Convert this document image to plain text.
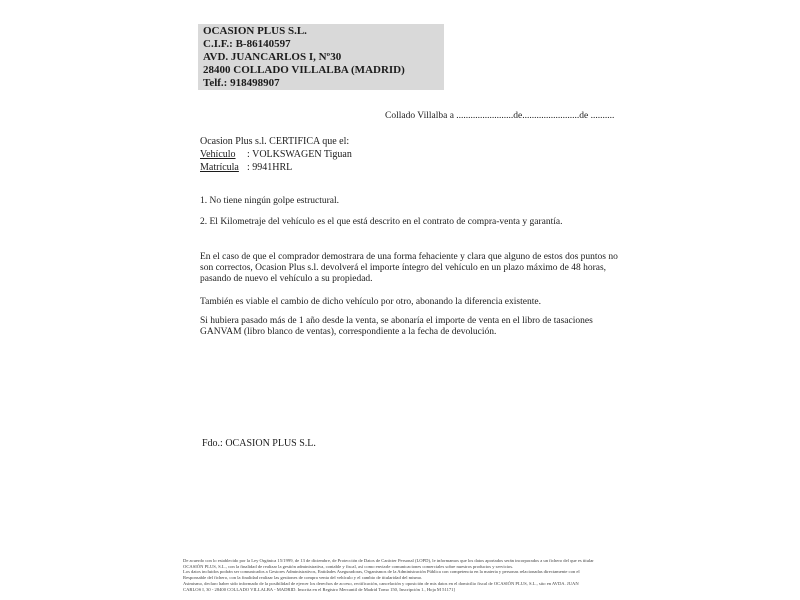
OCASION PLUS S.L.
C.I.F.: B-86140597
AVD. JUANCARLOS I, Nº30
28400 COLLADO VILLALBA (MADRID)
Telf.: 918498907
Collado Villalba a ........................de........................de ..........
Ocasion Plus s.l. CERTIFICA que el:
Vehículo : VOLKSWAGEN Tiguan
Matrícula : 9941HRL
1. No tiene ningún golpe estructural.
2. El Kilometraje del vehículo es el que está descrito en el contrato de compra-venta y garantía.
En el caso de que el comprador demostrara de una forma fehaciente y clara que alguno de estos dos puntos no
son correctos, Ocasion Plus s.l. devolverá el importe íntegro del vehículo en un plazo máximo de 48 horas,
pasando de nuevo el vehículo a su propiedad.
También es viable el cambio de dicho vehículo por otro, abonando la diferencia existente.
Si hubiera pasado más de 1 año desde la venta, se abonaría el importe de venta en el libro de tasaciones
GANVAM (libro blanco de ventas), correspondiente a la fecha de devolución.
Fdo.: OCASION PLUS S.L.
De acuerdo con lo establecido por la Ley Orgánica 15/1999, de 13 de diciembre, de Protección de Datos de Carácter Personal (LOPD), le informamos que los datos aportados serán incorporados a un fichero del que es titular
OCASIÓN PLUS, S.L., con la finalidad de realizar la gestión administrativa, contable y fiscal, así como enviarle comunicaciones comerciales sobre nuestros productos y servicios.
Los datos incluidos podrán ser comunicados a Gestores Administrativos, Entidades Aseguradoras, Organismos de la Administración Pública con competencia en la materia y personas relacionadas directamente con el
Responsable del fichero, con la finalidad realizar las gestiones de compra venta del vehículo y el cambio de titularidad del mismo.
Asimismo, declaro haber sido informado de la posibilidad de ejercer los derechos de acceso, rectificación, cancelación y oposición de mis datos en el domicilio fiscal de OCASIÓN PLUS, S.L., sito en AVDA. JUAN
CARLOS I, 30 - 28400 COLLADO VILLALBA - MADRID. Inscrita en el Registro Mercantil de Madrid Tomo 150, Inscripción 1., Hoja M 51171]
